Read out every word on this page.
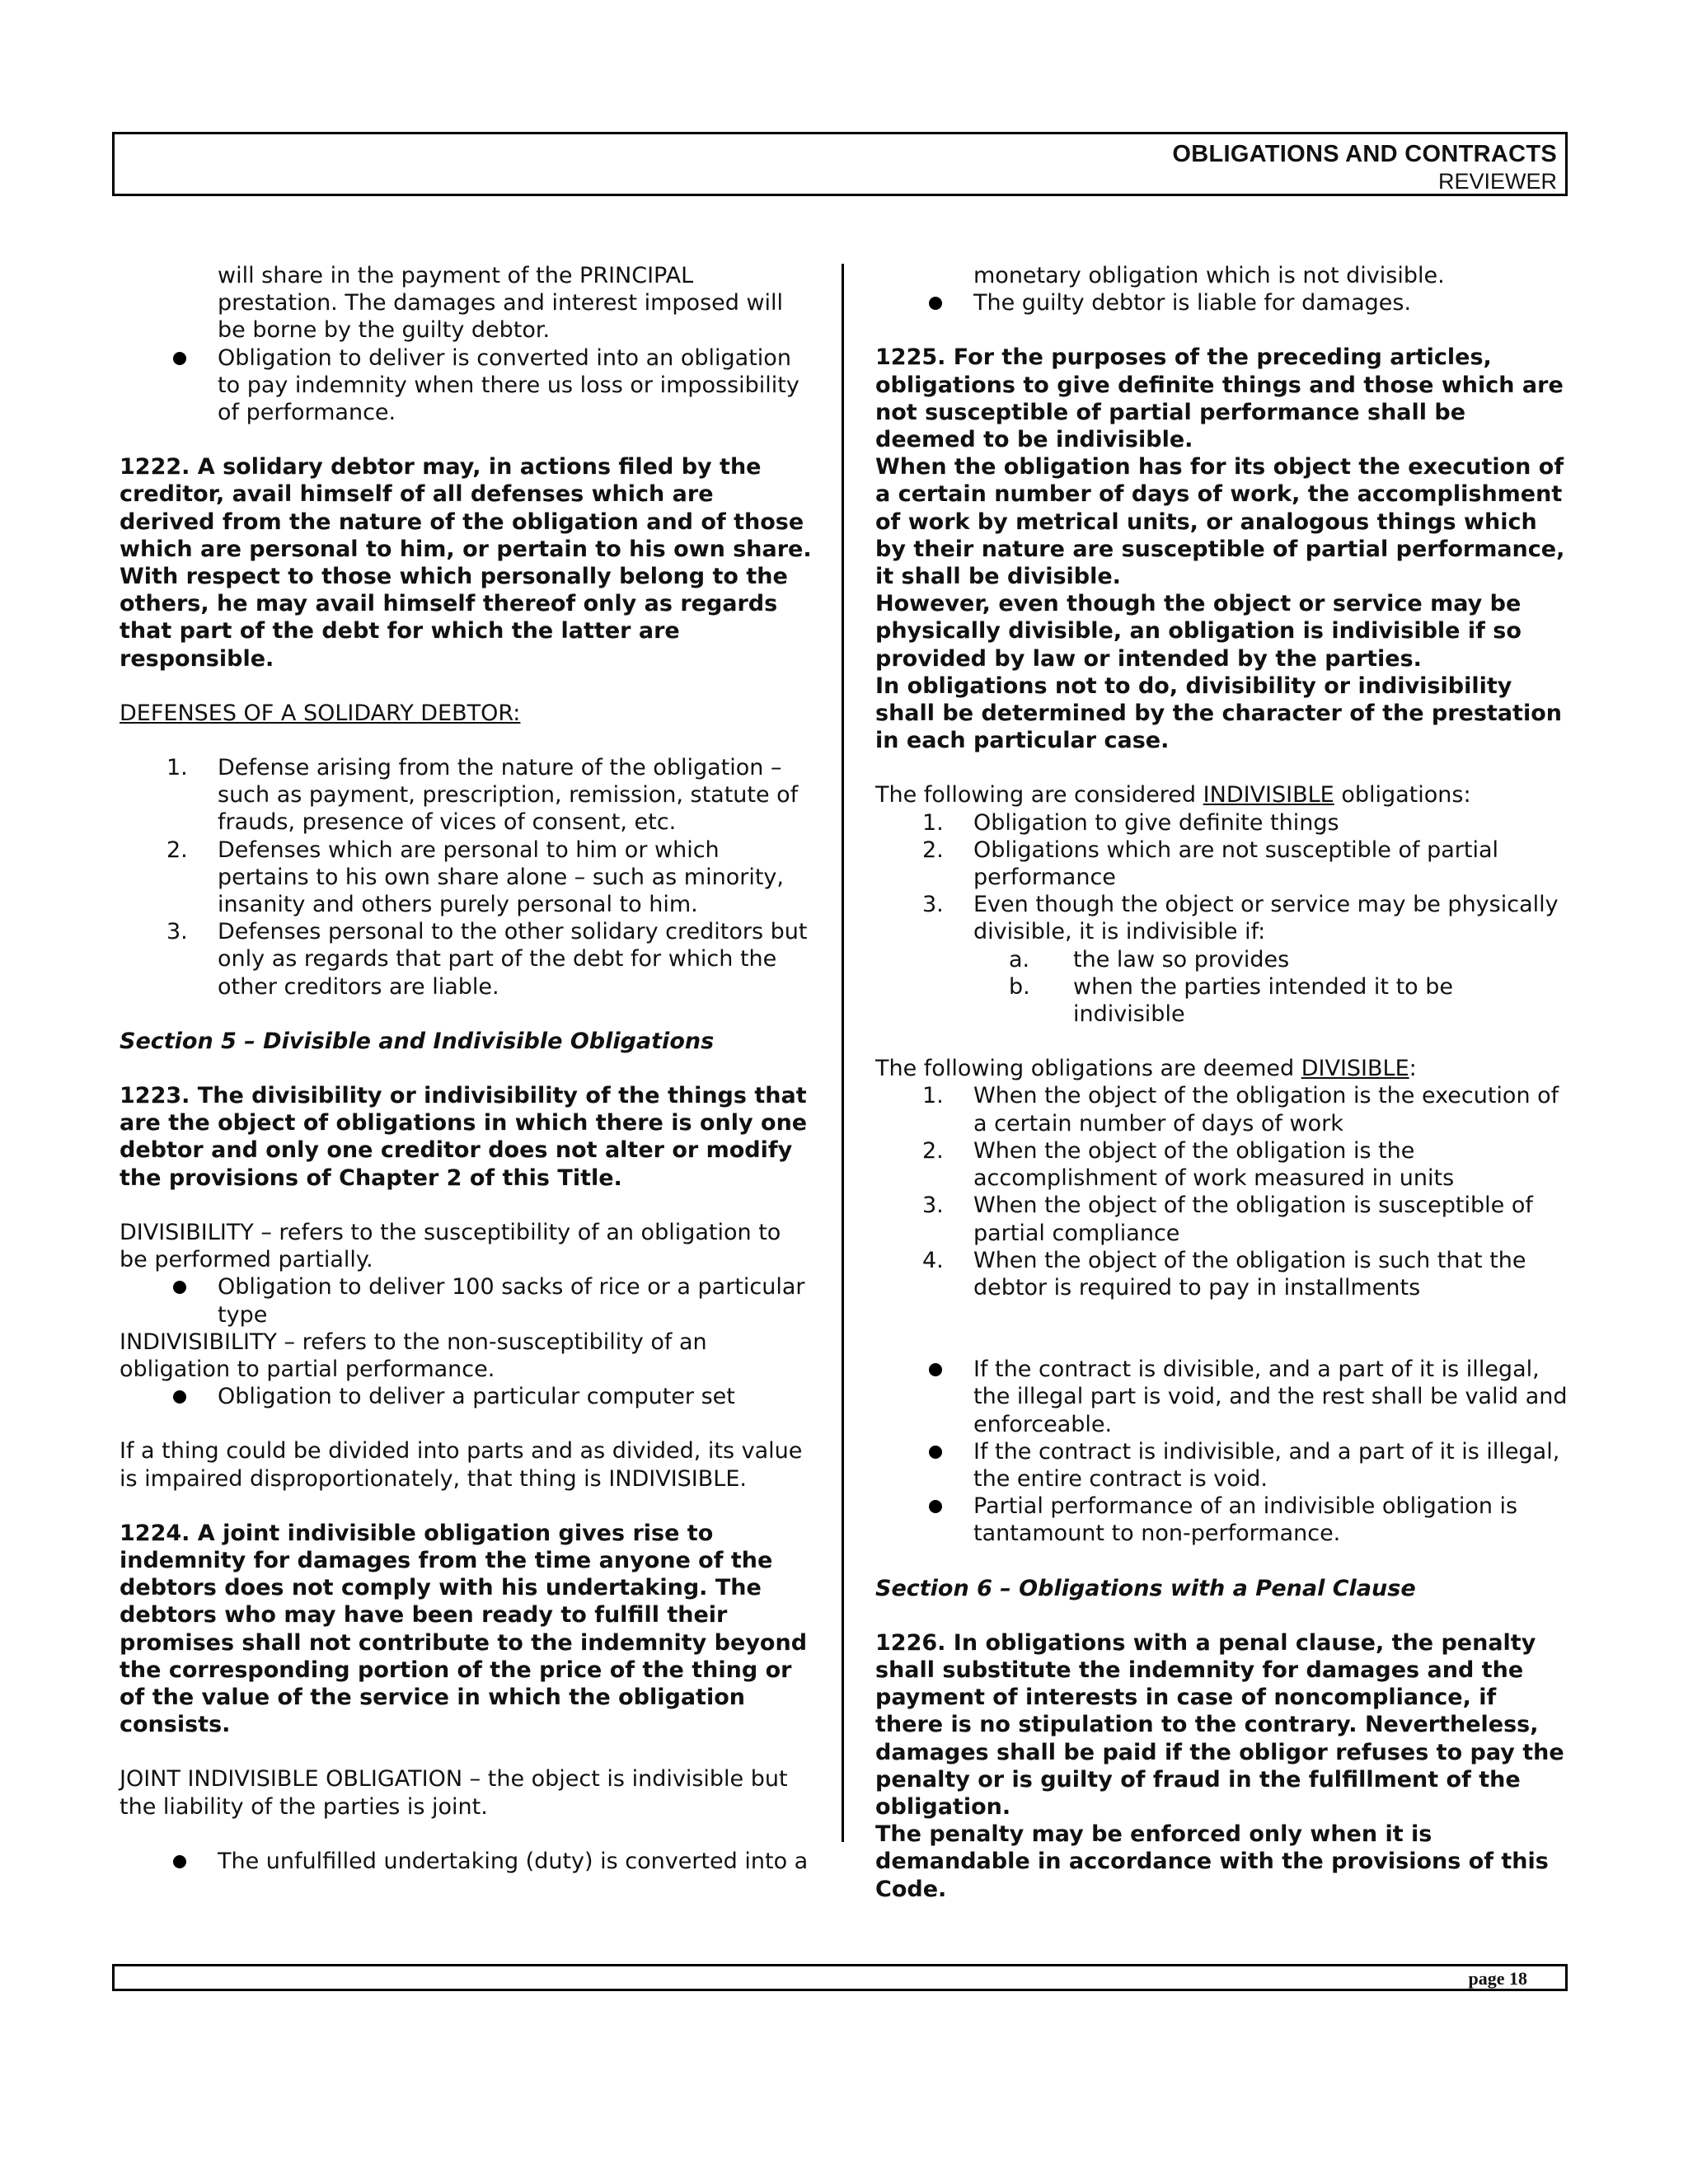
OBLIGATIONS AND CONTRACTS
REVIEWER

will share in the payment of the PRINCIPAL prestation. The damages and interest imposed will be borne by the guilty debtor.

Obligation to deliver is converted into an obligation to pay indemnity when there us loss or impossibility of performance.

1222. A solidary debtor may, in actions filed by the creditor, avail himself of all defenses which are derived from the nature of the obligation and of those which are personal to him, or pertain to his own share. With respect to those which personally belong to the others, he may avail himself thereof only as regards that part of the debt for which the latter are responsible.

DEFENSES OF A SOLIDARY DEBTOR:

1. Defense arising from the nature of the obligation – such as payment, prescription, remission, statute of frauds, presence of vices of consent, etc.

2. Defenses which are personal to him or which pertains to his own share alone – such as minority, insanity and others purely personal to him.

3. Defenses personal to the other solidary creditors but only as regards that part of the debt for which the other creditors are liable.

Section 5 – Divisible and Indivisible Obligations

1223. The divisibility or indivisibility of the things that are the object of obligations in which there is only one debtor and only one creditor does not alter or modify the provisions of Chapter 2 of this Title.

DIVISIBILITY – refers to the susceptibility of an obligation to be performed partially.

Obligation to deliver 100 sacks of rice or a particular type

INDIVISIBILITY – refers to the non-susceptibility of an obligation to partial performance.

Obligation to deliver a particular computer set

If a thing could be divided into parts and as divided, its value is impaired disproportionately, that thing is INDIVISIBLE.

1224. A joint indivisible obligation gives rise to indemnity for damages from the time anyone of the debtors does not comply with his undertaking. The debtors who may have been ready to fulfill their promises shall not contribute to the indemnity beyond the corresponding portion of the price of the thing or of the value of the service in which the obligation consists.

JOINT INDIVISIBLE OBLIGATION – the object is indivisible but the liability of the parties is joint.

The unfulfilled undertaking (duty) is converted into a

monetary obligation which is not divisible.

The guilty debtor is liable for damages.

1225. For the purposes of the preceding articles, obligations to give definite things and those which are not susceptible of partial performance shall be deemed to be indivisible.

When the obligation has for its object the execution of a certain number of days of work, the accomplishment of work by metrical units, or analogous things which by their nature are susceptible of partial performance, it shall be divisible.

However, even though the object or service may be physically divisible, an obligation is indivisible if so provided by law or intended by the parties.

In obligations not to do, divisibility or indivisibility shall be determined by the character of the prestation in each particular case.

The following are considered INDIVISIBLE obligations:

1. Obligation to give definite things

2. Obligations which are not susceptible of partial performance

3. Even though the object or service may be physically divisible, it is indivisible if:

a. the law so provides

b. when the parties intended it to be indivisible

The following obligations are deemed DIVISIBLE:

1. When the object of the obligation is the execution of a certain number of days of work

2. When the object of the obligation is the accomplishment of work measured in units

3. When the object of the obligation is susceptible of partial compliance

4. When the object of the obligation is such that the debtor is required to pay in installments

If the contract is divisible, and a part of it is illegal, the illegal part is void, and the rest shall be valid and enforceable.

If the contract is indivisible, and a part of it is illegal, the entire contract is void.

Partial performance of an indivisible obligation is tantamount to non-performance.

Section 6 – Obligations with a Penal Clause

1226. In obligations with a penal clause, the penalty shall substitute the indemnity for damages and the payment of interests in case of noncompliance, if there is no stipulation to the contrary. Nevertheless, damages shall be paid if the obligor refuses to pay the penalty or is guilty of fraud in the fulfillment of the obligation.

The penalty may be enforced only when it is demandable in accordance with the provisions of this Code.

page 18
